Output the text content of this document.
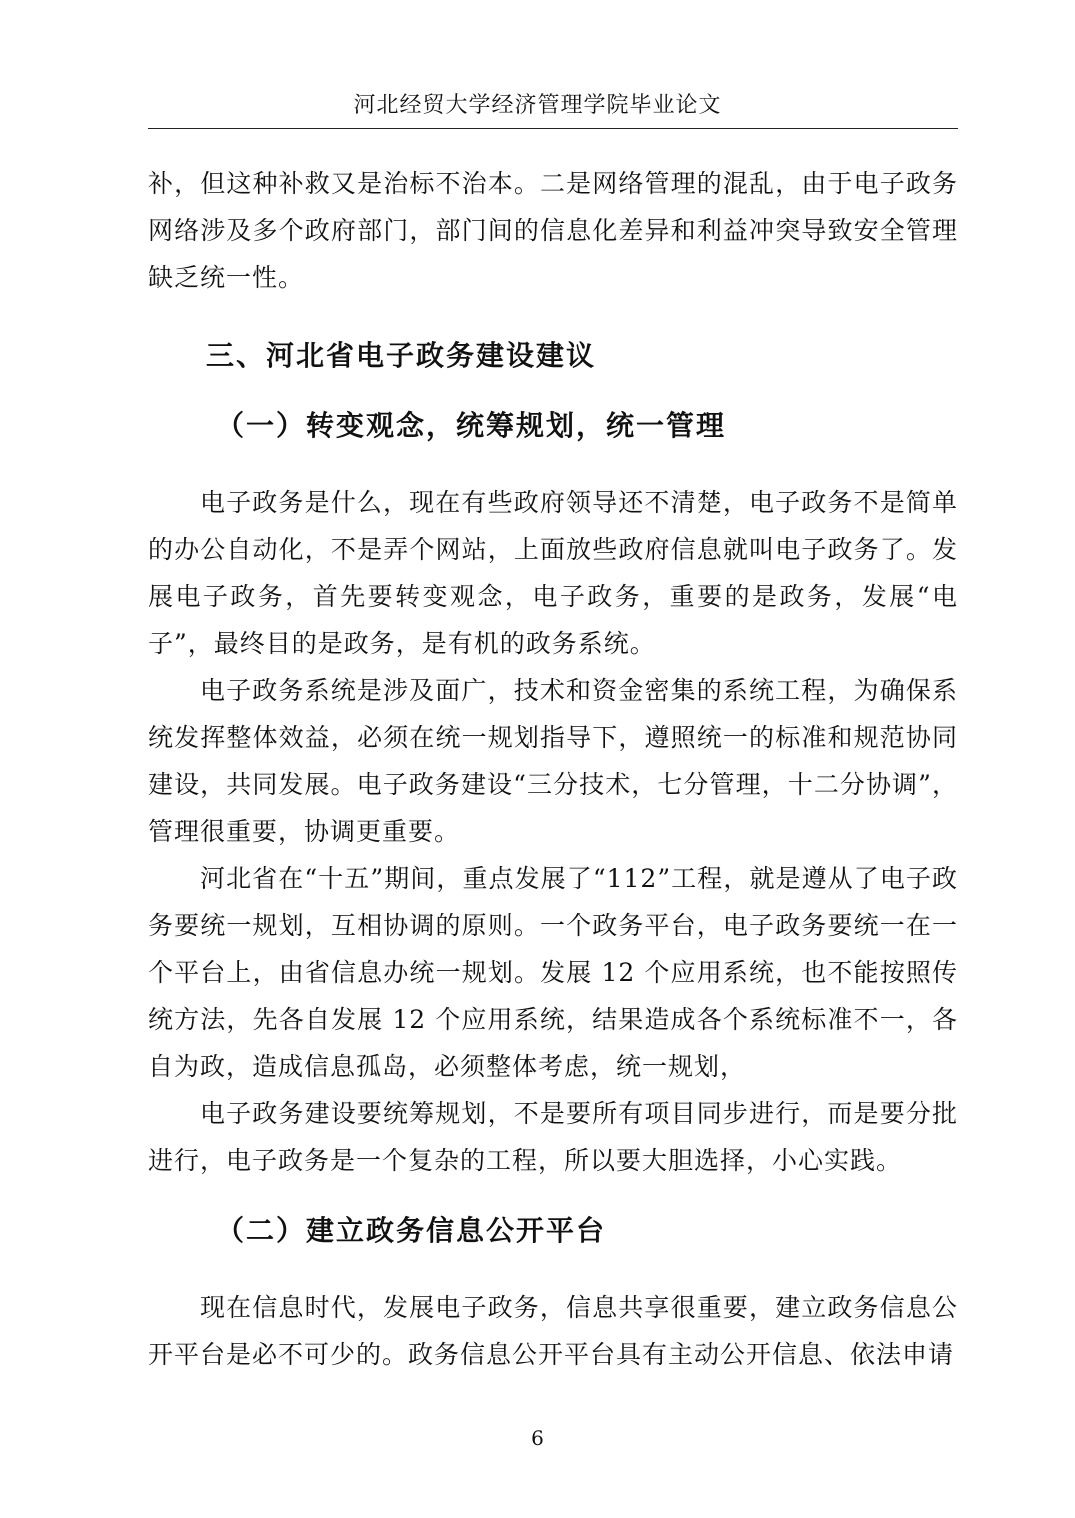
河北经贸大学经济管理学院毕业论文

补，但这种补救又是治标不治本。二是网络管理的混乱，由于电子政务网络涉及多个政府部门，部门间的信息化差异和利益冲突导致安全管理缺乏统一性。

三、河北省电子政务建设建议
（一）转变观念，统筹规划，统一管理

电子政务是什么，现在有些政府领导还不清楚，电子政务不是简单的办公自动化，不是弄个网站，上面放些政府信息就叫电子政务了。发展电子政务，首先要转变观念，电子政务，重要的是政务，发展“电子”，最终目的是政务，是有机的政务系统。

电子政务系统是涉及面广，技术和资金密集的系统工程，为确保系统发挥整体效益，必须在统一规划指导下，遵照统一的标准和规范协同建设，共同发展。电子政务建设“三分技术，七分管理，十二分协调”，管理很重要，协调更重要。

河北省在“十五”期间，重点发展了“112”工程，就是遵从了电子政务要统一规划，互相协调的原则。一个政务平台，电子政务要统一在一个平台上，由省信息办统一规划。发展 12 个应用系统，也不能按照传统方法，先各自发展 12 个应用系统，结果造成各个系统标准不一，各自为政，造成信息孤岛，必须整体考虑，统一规划，

电子政务建设要统筹规划，不是要所有项目同步进行，而是要分批进行，电子政务是一个复杂的工程，所以要大胆选择，小心实践。

（二）建立政务信息公开平台

现在信息时代，发展电子政务，信息共享很重要，建立政务信息公开平台是必不可少的。政务信息公开平台具有主动公开信息、依法申请

6
